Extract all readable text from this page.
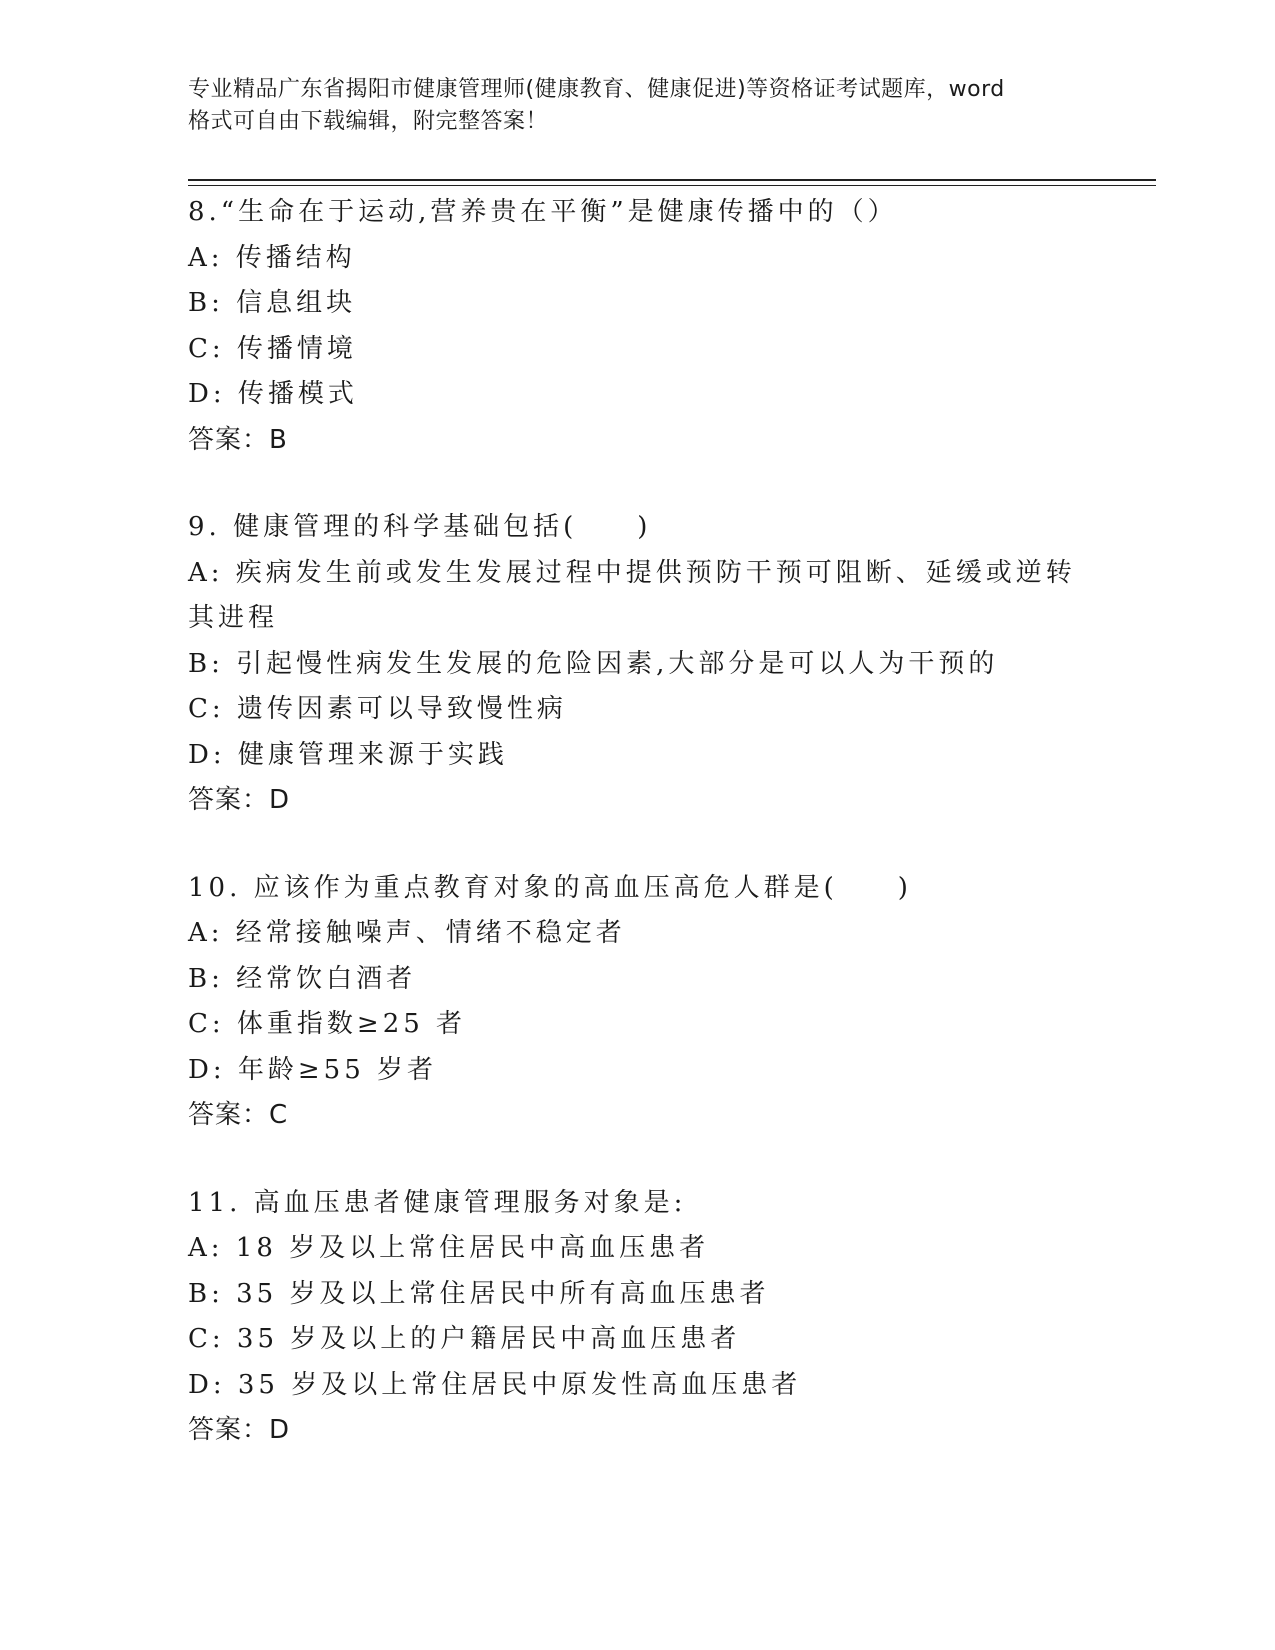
专业精品广东省揭阳市健康管理师(健康教育、健康促进)等资格证考试题库，word
格式可自由下载编辑，附完整答案！
8.“生命在于运动,营养贵在平衡”是健康传播中的（）
A: 传播结构
B: 信息组块
C: 传播情境
D: 传播模式
答案：B
9. 健康管理的科学基础包括(　　)
A: 疾病发生前或发生发展过程中提供预防干预可阻断、延缓或逆转其进程
B: 引起慢性病发生发展的危险因素,大部分是可以人为干预的
C: 遗传因素可以导致慢性病
D: 健康管理来源于实践
答案：D
10. 应该作为重点教育对象的高血压高危人群是(　　)
A: 经常接触噪声、情绪不稳定者
B: 经常饮白酒者
C: 体重指数≥25 者
D: 年龄≥55 岁者
答案：C
11. 高血压患者健康管理服务对象是:
A: 18 岁及以上常住居民中高血压患者
B: 35 岁及以上常住居民中所有高血压患者
C: 35 岁及以上的户籍居民中高血压患者
D: 35 岁及以上常住居民中原发性高血压患者
答案：D
